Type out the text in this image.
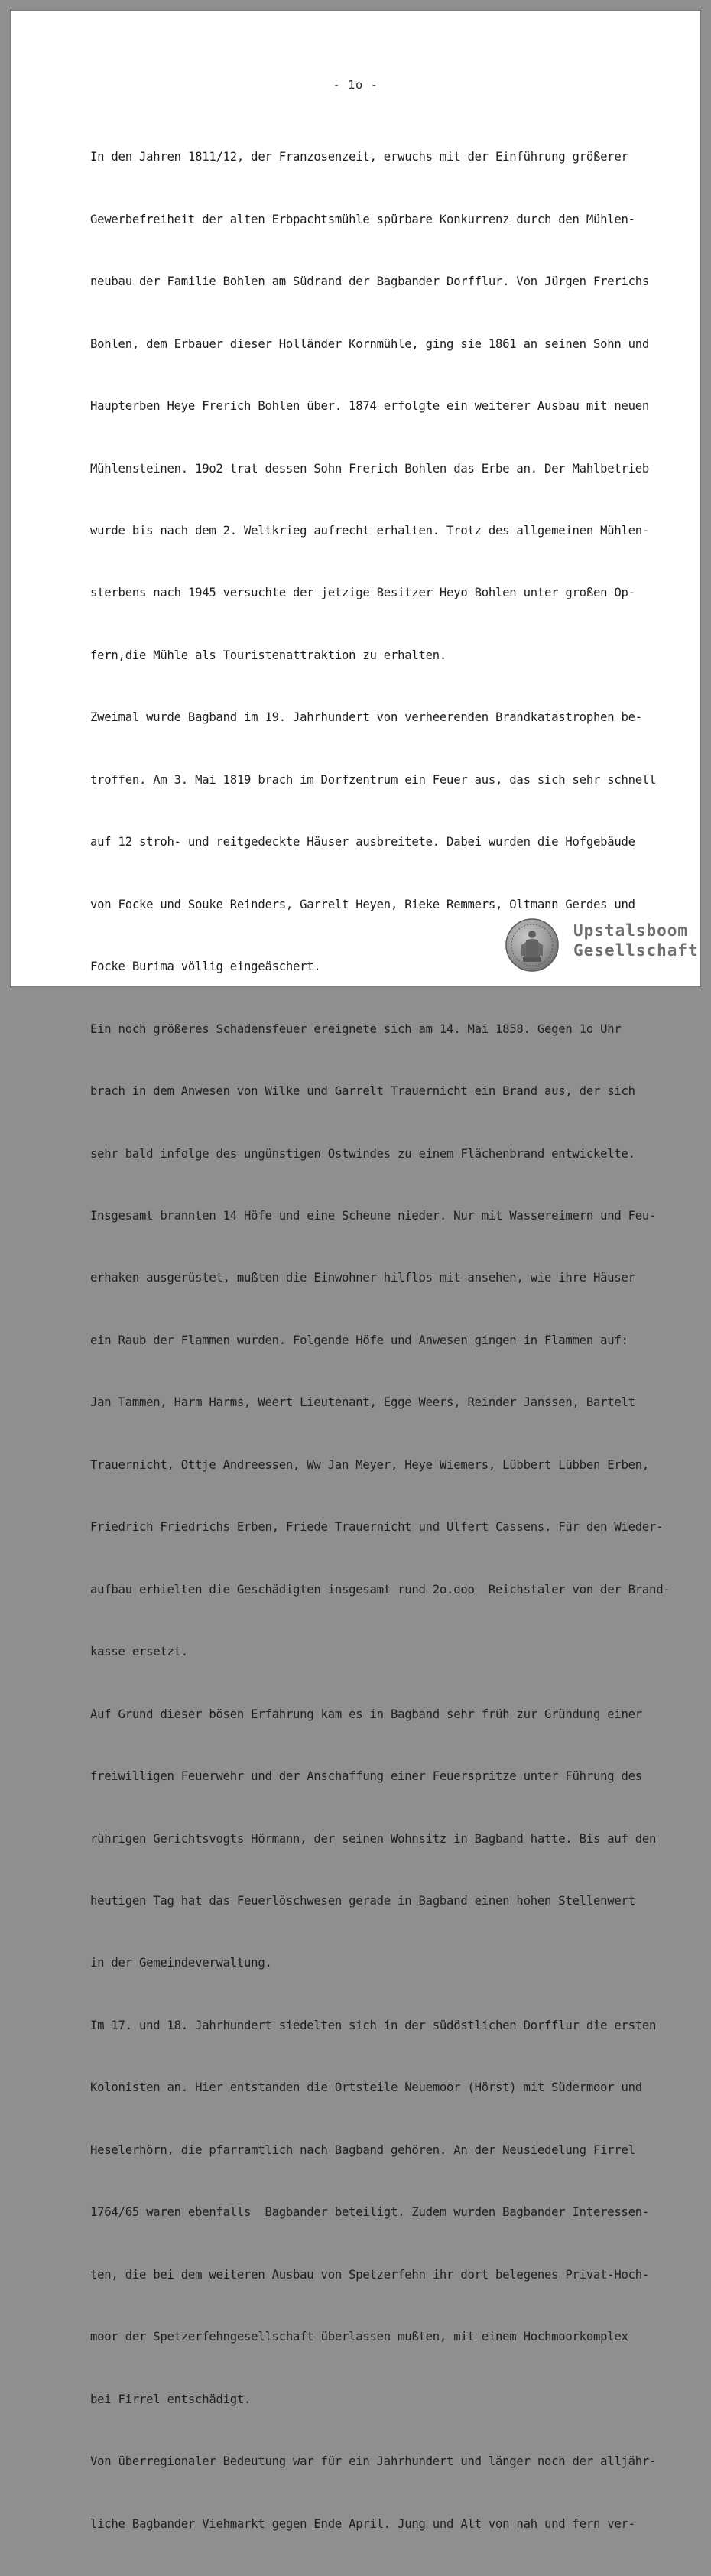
- 1o -

In den Jahren 1811/12, der Franzosenzeit, erwuchs mit der Einführung größerer

Gewerbefreiheit der alten Erbpachtsmühle spürbare Konkurrenz durch den Mühlen-

neubau der Familie Bohlen am Südrand der Bagbander Dorfflur. Von Jürgen Frerichs

Bohlen, dem Erbauer dieser Holländer Kornmühle, ging sie 1861 an seinen Sohn und

Haupterben Heye Frerich Bohlen über. 1874 erfolgte ein weiterer Ausbau mit neuen

Mühlensteinen. 19o2 trat dessen Sohn Frerich Bohlen das Erbe an. Der Mahlbetrieb

wurde bis nach dem 2. Weltkrieg aufrecht erhalten. Trotz des allgemeinen Mühlen-

sterbens nach 1945 versuchte der jetzige Besitzer Heyo Bohlen unter großen Op-

fern,die Mühle als Touristenattraktion zu erhalten.

Zweimal wurde Bagband im 19. Jahrhundert von verheerenden Brandkatastrophen be-

troffen. Am 3. Mai 1819 brach im Dorfzentrum ein Feuer aus, das sich sehr schnell

auf 12 stroh- und reitgedeckte Häuser ausbreitete. Dabei wurden die Hofgebäude

von Focke und Souke Reinders, Garrelt Heyen, Rieke Remmers, Oltmann Gerdes und

Focke Burima völlig eingeäschert.

Ein noch größeres Schadensfeuer ereignete sich am 14. Mai 1858. Gegen 1o Uhr

brach in dem Anwesen von Wilke und Garrelt Trauernicht ein Brand aus, der sich

sehr bald infolge des ungünstigen Ostwindes zu einem Flächenbrand entwickelte.

Insgesamt brannten 14 Höfe und eine Scheune nieder. Nur mit Wassereimern und Feu-

erhaken ausgerüstet, mußten die Einwohner hilflos mit ansehen, wie ihre Häuser

ein Raub der Flammen wurden. Folgende Höfe und Anwesen gingen in Flammen auf:

Jan Tammen, Harm Harms, Weert Lieutenant, Egge Weers, Reinder Janssen, Bartelt

Trauernicht, Ottje Andreessen, Ww Jan Meyer, Heye Wiemers, Lübbert Lübben Erben,

Friedrich Friedrichs Erben, Friede Trauernicht und Ulfert Cassens. Für den Wieder-

aufbau erhielten die Geschädigten insgesamt rund 2o.ooo  Reichstaler von der Brand-

kasse ersetzt.

Auf Grund dieser bösen Erfahrung kam es in Bagband sehr früh zur Gründung einer

freiwilligen Feuerwehr und der Anschaffung einer Feuerspritze unter Führung des

rührigen Gerichtsvogts Hörmann, der seinen Wohnsitz in Bagband hatte. Bis auf den

heutigen Tag hat das Feuerlöschwesen gerade in Bagband einen hohen Stellenwert

in der Gemeindeverwaltung.

Im 17. und 18. Jahrhundert siedelten sich in der südöstlichen Dorfflur die ersten

Kolonisten an. Hier entstanden die Ortsteile Neuemoor (Hörst) mit Südermoor und

Heselerhörn, die pfarramtlich nach Bagband gehören. An der Neusiedelung Firrel

1764/65 waren ebenfalls  Bagbander beteiligt. Zudem wurden Bagbander Interessen-

ten, die bei dem weiteren Ausbau von Spetzerfehn ihr dort belegenes Privat-Hoch-

moor der Spetzerfehngesellschaft überlassen mußten, mit einem Hochmoorkomplex

bei Firrel entschädigt.

Von überregionaler Bedeutung war für ein Jahrhundert und länger noch der alljähr-

liche Bagbander Viehmarkt gegen Ende April. Jung und Alt von nah und fern ver-

Upstalsboom
Gesellschaft
